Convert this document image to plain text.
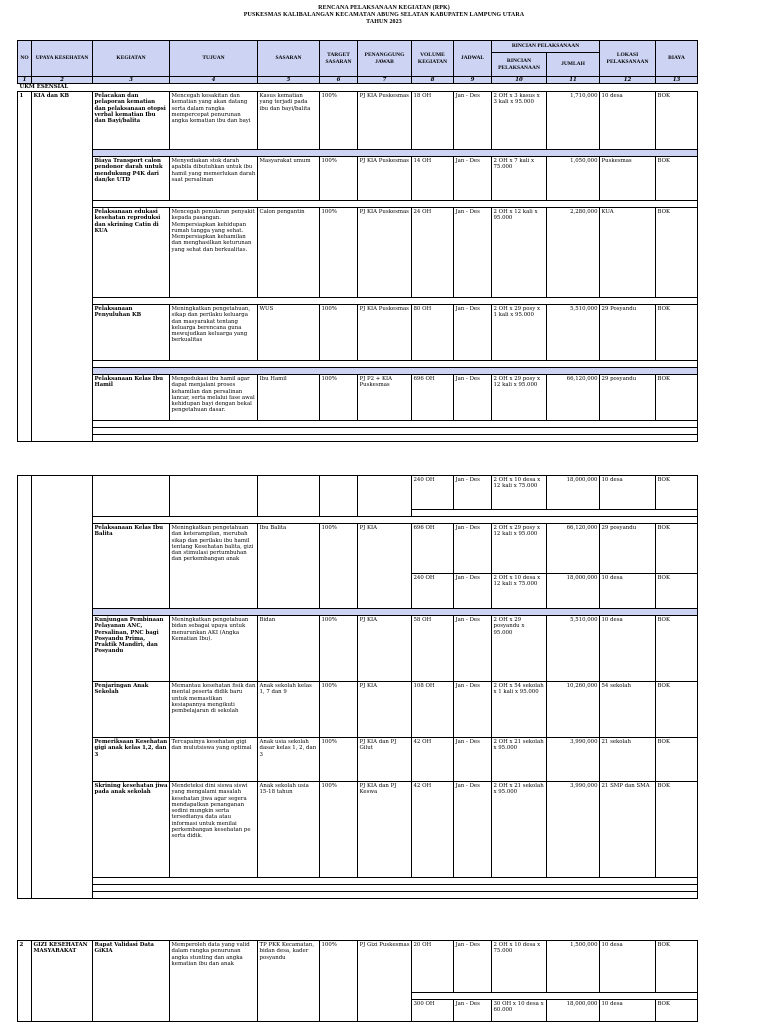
RENCANA PELAKSANAAN KEGIATAN (RPK)
PUSKESMAS KALIBALANGAN KECAMATAN ABUNG SELATAN KABUPATEN LAMPUNG UTARA
TAHUN 2023
NO	UPAYA KESEHATAN	KEGIATAN	TUJUAN	SASARAN	TARGET SASARAN	PENANGGUNG JAWAB	VOLUME KEGIATAN	JADWAL	RINCIAN PELAKSANAAN		LOKASI PELAKSANAAN	BIAYA
									RINCIAN PELAKSANAAN	JUMLAH		
1	2	3	4	5	6	7	8	9	10	11	12	13
UKM ESENSIAL												
1	KIA dan KB	Pelacakan dan pelaporan kematian dan pelaksanaan otopsi verbal kematian Ibu dan Bayi/balita	Mencegah kesakitan dan kematian yang akan datang serta dalam rangka mempercepat penurunan angka kematian ibu dan bayi	Kasus kematian yang terjadi pada ibu dan bayi/balita	100%	PJ KIA Puskesmas	18 OH	Jan - Des	2 OH x 3 kasus x 3 kali x 95.000	1,710,000	10 desa	BOK

		Biaya Transport calon pendonor darah untuk mendukung P4K dari dan/ke UTD	Menyediakan stok darah apabila dibutuhkan untuk ibu hamil yang memerlukan darah saat persalinan	Masyarakat umum	100%	PJ KIA Puskesmas	14 OH	Jan - Des	2 OH x 7 kali x 75.000	1,050,000	Puskesmas	BOK

		Pelaksanaan edukasi kesehatan reproduksi dan skrining Catin di KUA	Mencegah penularan penyakit kepada pasangan. Mempersiapkan kehidupan rumah tangga yang sehat. Mempersiapkan kehamilan dan menghasilkan keturunan yang sehat dan berkualitas.	Calon pengantin	100%	PJ KIA Puskesmas	24 OH	Jan - Des	2 OH x 12 kali x 95.000	2,280,000	KUA	BOK

		Pelaksanaan Penyuluhan KB	Meningkatkan pengetahuan, sikap dan perilaku keluarga dan masyarakat tentang keluarga berencana guna mewujudkan keluarga yang berkualitas	WUS	100%	PJ KIA Puskesmas	80 OH	Jan - Des	2 OH x 29 posy x 1 kali x 95.000	5,510,000	29 Posyandu	BOK

		Pelaksanaan Kelas Ibu Hamil	Mengedukasi ibu hamil agar dapat menjalani proses kehamilan dan persalinan lancar, serta melalui fase awal kehidupan bayi dengan bekal pengetahuan dasar.	Ibu Hamil	100%	PJ P2 + KIA Puskesmas	696 OH	Jan - Des	2 OH x 29 posy x 12 kali x 95.000	66,120,000	29 posyandu	BOK

							240 OH	Jan - Des	2 OH x 10 desa x 12 kali x 75.000	18,000,000	10 desa	BOK

		Pelaksanaan Kelas Ibu Balita	Meningkatkan pengetahuan dan keterampilan, merubah sikap dan perilaku ibu hamil tentang Kesehatan balita, gizi dan stimulasi pertumbuhan dan perkembangan anak	Ibu Balita	100%	PJ KIA	696 OH	Jan - Des	2 OH x 29 posy x 12 kali x 95.000	66,120,000	29 posyandu	BOK
							240 OH	Jan - Des	2 OH x 10 desa x 12 kali x 75.000	18,000,000	10 desa	BOK

		Kunjungan Pembinaan Pelayanan ANC, Persalinan, PNC bagi Posyandu Prima, Praktik Mandiri, dan Posyandu	Meningkatkan pengetahuan bidan sebagai upaya untuk menurunkan AKI (Angka Kematian Ibu).	Bidan	100%	PJ KIA	58 OH	Jan - Des	2 OH x 29 posyandu x 95.000	5,510,000	10 desa	BOK
		Penjaringan Anak Sekolah	Memantau kesehatan fisik dan mental peserta didik baru untuk memastikan kesiapannya mengikuti pembelajaran di sekolah	Anak sekolah kelas 1, 7 dan 9	100%	PJ KIA	108 OH	Jan - Des	2 OH x 54 sekolah x 1 kali x 95.000	10,260,000	54 sekolah	BOK
		Pemeriksaan Kesehatan gigi anak kelas 1,2, dan 3	Tercapainya kesehatan gigi dan mulutsiswa yang optimal	Anak usia sekolah dasar kelas 1, 2, dan 3	100%	PJ KIA dan PJ Gilut	42 OH	Jan - Des	2 OH x 21 sekolah x 95.000	3,990,000	21 sekolah	BOK
		Skrining kesehatan jiwa pada anak sekolah	Mendeteksi dini siswa siswi yang mengalami masalah kesehatan jiwa agar segera mendapatkan penanganan sedini mungkin serta tersedianya data atau informasi untuk menilai perkembangan kesehatan pe serta didik.	Anak sekolah usia 15-18 tahun	100%	PJ KIA dan PJ Keswa	42 OH	Jan - Des	2 OH x 21 sekolah x 95.000	3,990,000	21 SMP dan SMA	BOK

2	GIZI KESEHATAN MASYARAKAT	Rapat Validasi Data GiKIA	Memperoleh data yang valid dalam rangka penurunan angka stunting dan angka kematian ibu dan anak	TP PKK Kecamatan, bidan desa, kader posyandu	100%	PJ Gizi Puskesmas	20 OH	Jan - Des	2 OH x 10 desa x 75.000	1,500,000	10 desa	BOK

							300 OH	Jan - Des	30 OH x 10 desa x 60.000	18,000,000	10 desa	BOK
